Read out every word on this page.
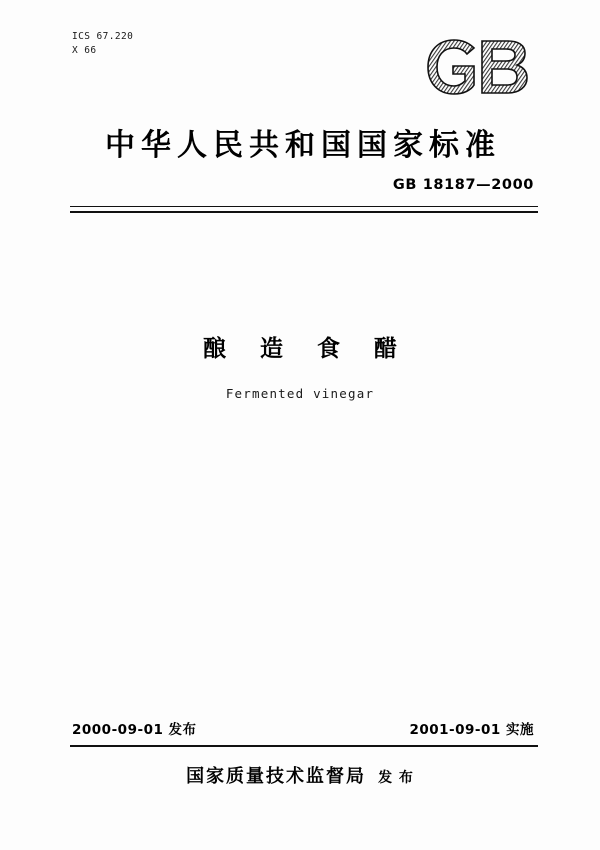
ICS 67.220
X 66
中华人民共和国国家标准
GB 18187—2000
酿 造 食 醋
Fermented vinegar
2000-09-01 发布	2001-09-01 实施
国家质量技术监督局 发 布
